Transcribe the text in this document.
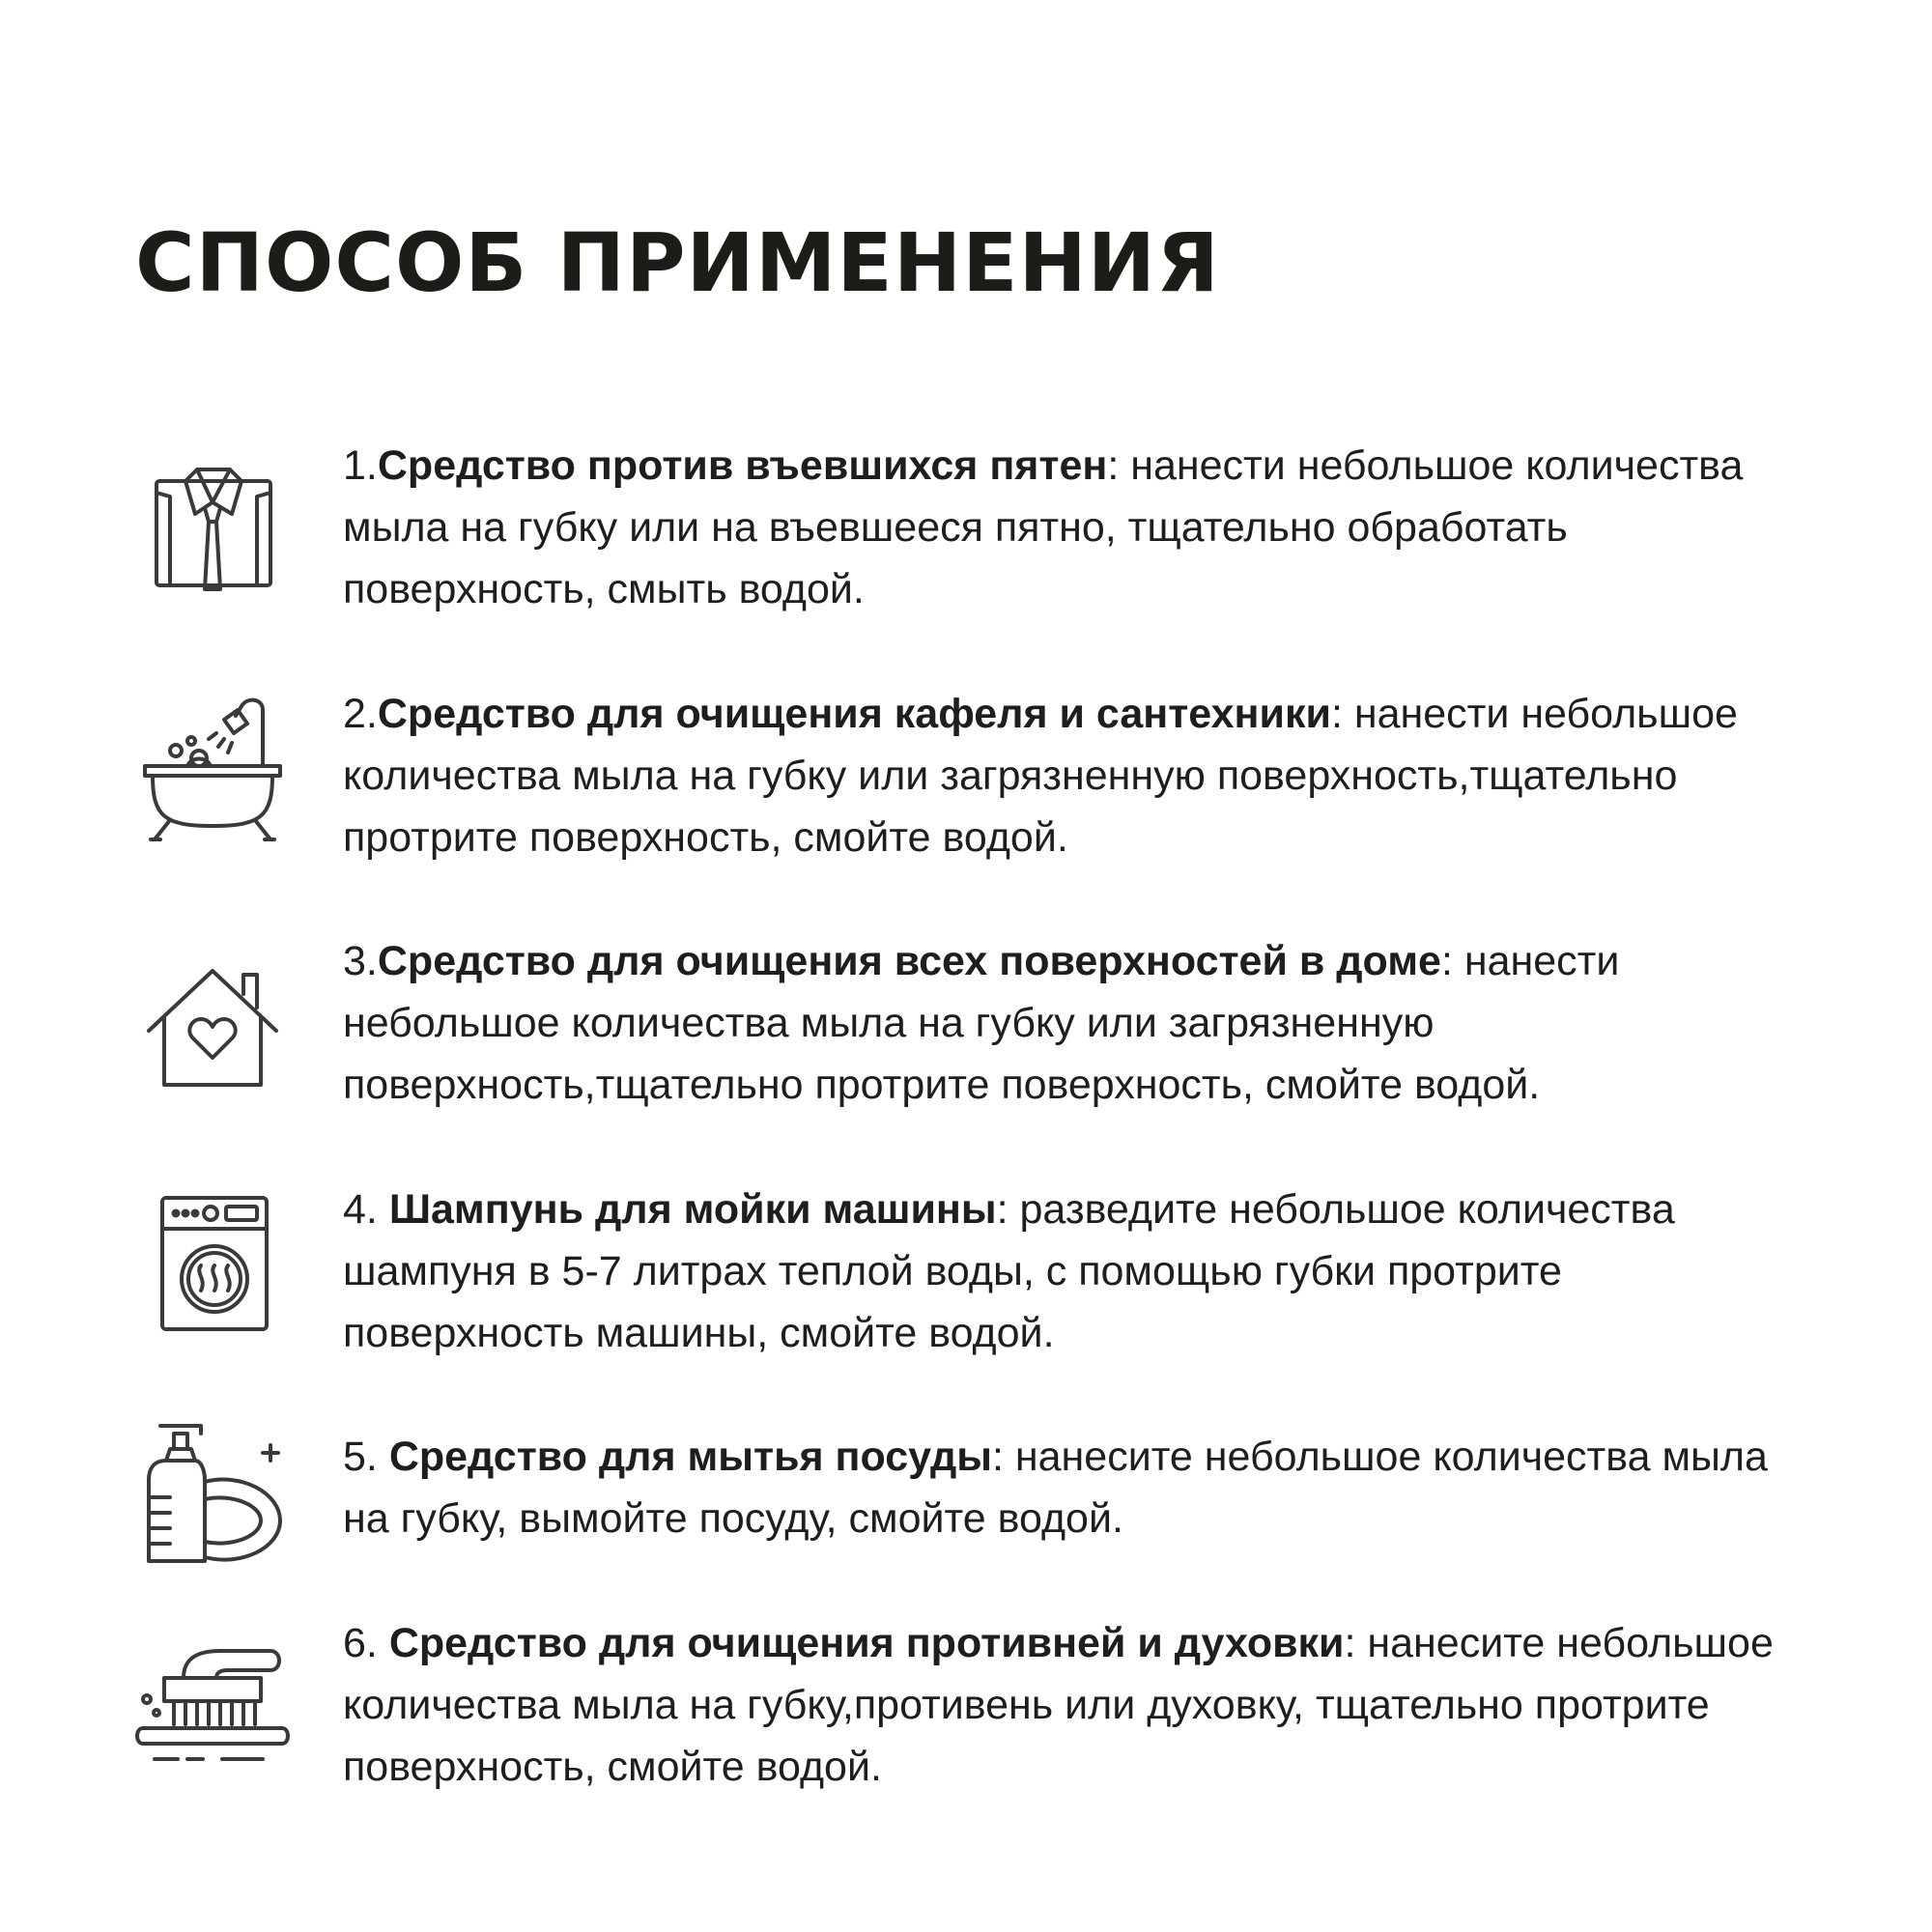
СПОСОБ ПРИМЕНЕНИЯ

1.Средство против въевшихся пятен: нанести небольшое количества мыла на губку или на въевшееся пятно, тщательно обработать поверхность, смыть водой.

2.Средство для очищения кафеля и сантехники: нанести небольшое количества мыла на губку или загрязненную поверхность,тщательно протрите поверхность, смойте водой.

3.Средство для очищения всех поверхностей в доме: нанести небольшое количества мыла на губку или загрязненную поверхность,тщательно протрите поверхность, смойте водой.

4. Шампунь для мойки машины: разведите небольшое количества шампуня в 5-7 литрах теплой воды, с помощью губки протрите поверхность машины, смойте водой.

5. Средство для мытья посуды: нанесите небольшое количества мыла на губку, вымойте посуду, смойте водой.

6. Средство для очищения противней и духовки: нанесите небольшое количества мыла на губку,противень или духовку, тщательно протрите поверхность, смойте водой.
